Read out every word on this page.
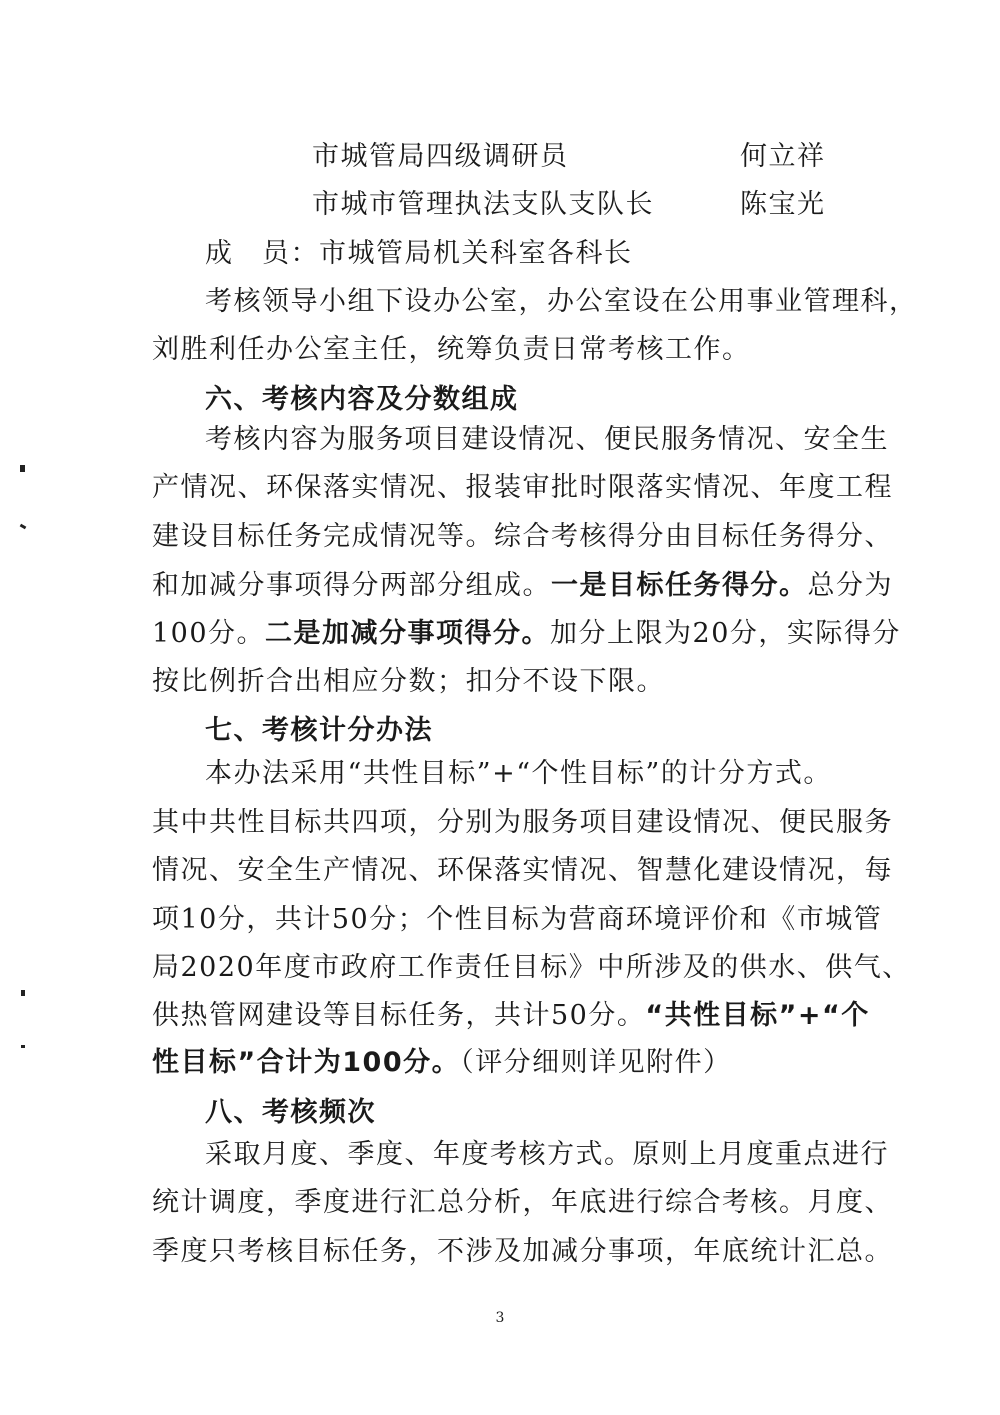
市城管局四级调研员	何立祥
市城市管理执法支队支队长	陈宝光
成　员：市城管局机关科室各科长
考核领导小组下设办公室，办公室设在公用事业管理科，
刘胜利任办公室主任，统筹负责日常考核工作。
六、考核内容及分数组成
考核内容为服务项目建设情况、便民服务情况、安全生
产情况、环保落实情况、报装审批时限落实情况、年度工程
建设目标任务完成情况等。综合考核得分由目标任务得分、
和加减分事项得分两部分组成。一是目标任务得分。总分为
100分。二是加减分事项得分。加分上限为20分，实际得分
按比例折合出相应分数；扣分不设下限。
七、考核计分办法
本办法采用“共性目标”+“个性目标”的计分方式。
其中共性目标共四项，分别为服务项目建设情况、便民服务
情况、安全生产情况、环保落实情况、智慧化建设情况，每
项10分，共计50分；个性目标为营商环境评价和《市城管
局2020年度市政府工作责任目标》中所涉及的供水、供气、
供热管网建设等目标任务，共计50分。“共性目标”+“个
性目标”合计为100分。（评分细则详见附件）
八、考核频次
采取月度、季度、年度考核方式。原则上月度重点进行
统计调度，季度进行汇总分析，年底进行综合考核。月度、
季度只考核目标任务，不涉及加减分事项，年底统计汇总。
3
